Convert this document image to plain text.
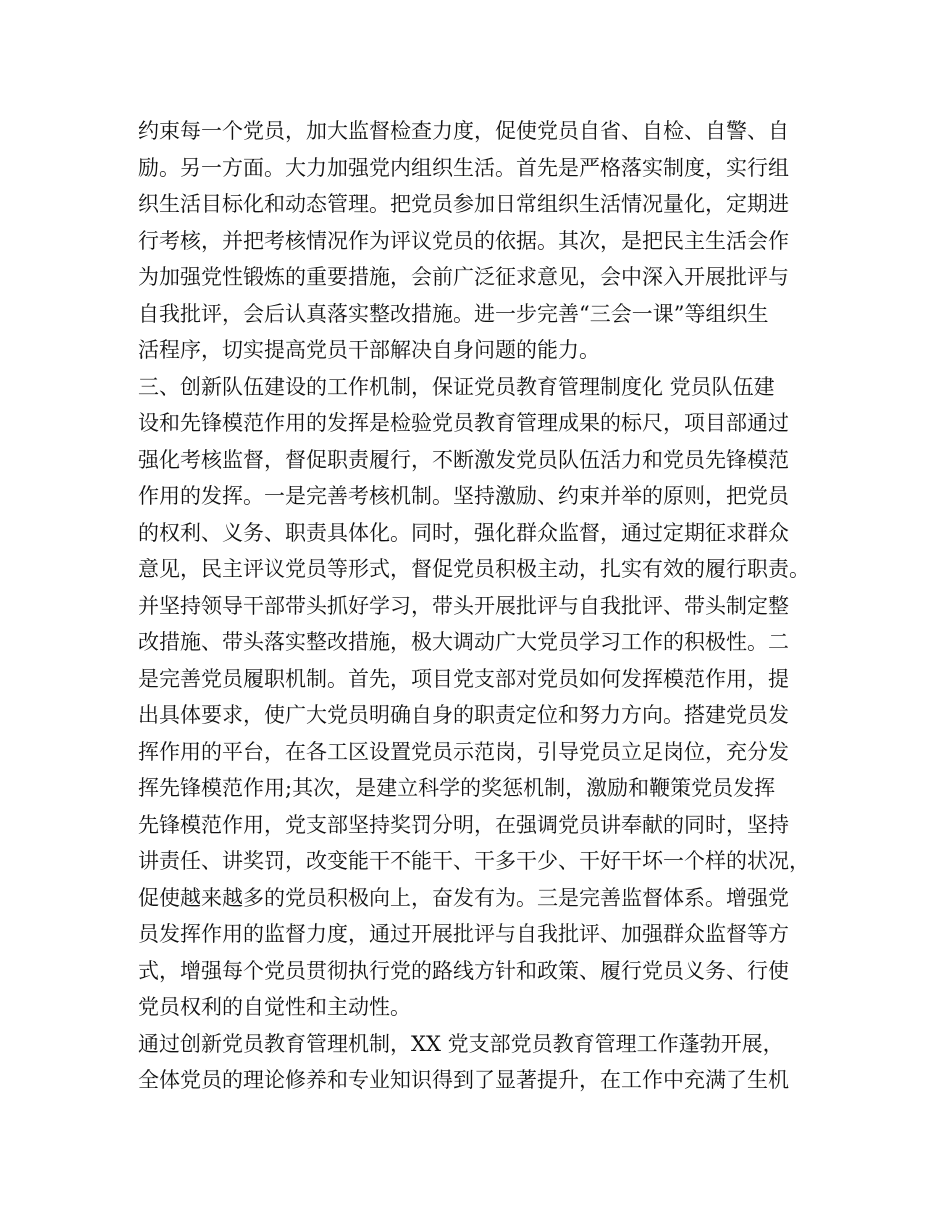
约束每一个党员，加大监督检查力度，促使党员自省、自检、自警、自
励。另一方面。大力加强党内组织生活。首先是严格落实制度，实行组
织生活目标化和动态管理。把党员参加日常组织生活情况量化，定期进
行考核，并把考核情况作为评议党员的依据。其次，是把民主生活会作
为加强党性锻炼的重要措施，会前广泛征求意见，会中深入开展批评与
自我批评，会后认真落实整改措施。进一步完善“三会一课”等组织生
活程序，切实提高党员干部解决自身问题的能力。
三、创新队伍建设的工作机制，保证党员教育管理制度化 党员队伍建
设和先锋模范作用的发挥是检验党员教育管理成果的标尺，项目部通过
强化考核监督，督促职责履行，不断激发党员队伍活力和党员先锋模范
作用的发挥。一是完善考核机制。坚持激励、约束并举的原则，把党员
的权利、义务、职责具体化。同时，强化群众监督，通过定期征求群众
意见，民主评议党员等形式，督促党员积极主动，扎实有效的履行职责。
并坚持领导干部带头抓好学习，带头开展批评与自我批评、带头制定整
改措施、带头落实整改措施，极大调动广大党员学习工作的积极性。二
是完善党员履职机制。首先，项目党支部对党员如何发挥模范作用，提
出具体要求，使广大党员明确自身的职责定位和努力方向。搭建党员发
挥作用的平台，在各工区设置党员示范岗，引导党员立足岗位，充分发
挥先锋模范作用;其次，是建立科学的奖惩机制，激励和鞭策党员发挥
先锋模范作用，党支部坚持奖罚分明，在强调党员讲奉献的同时，坚持
讲责任、讲奖罚，改变能干不能干、干多干少、干好干坏一个样的状况，
促使越来越多的党员积极向上，奋发有为。三是完善监督体系。增强党
员发挥作用的监督力度，通过开展批评与自我批评、加强群众监督等方
式，增强每个党员贯彻执行党的路线方针和政策、履行党员义务、行使
党员权利的自觉性和主动性。
通过创新党员教育管理机制，XX 党支部党员教育管理工作蓬勃开展，
全体党员的理论修养和专业知识得到了显著提升，在工作中充满了生机
